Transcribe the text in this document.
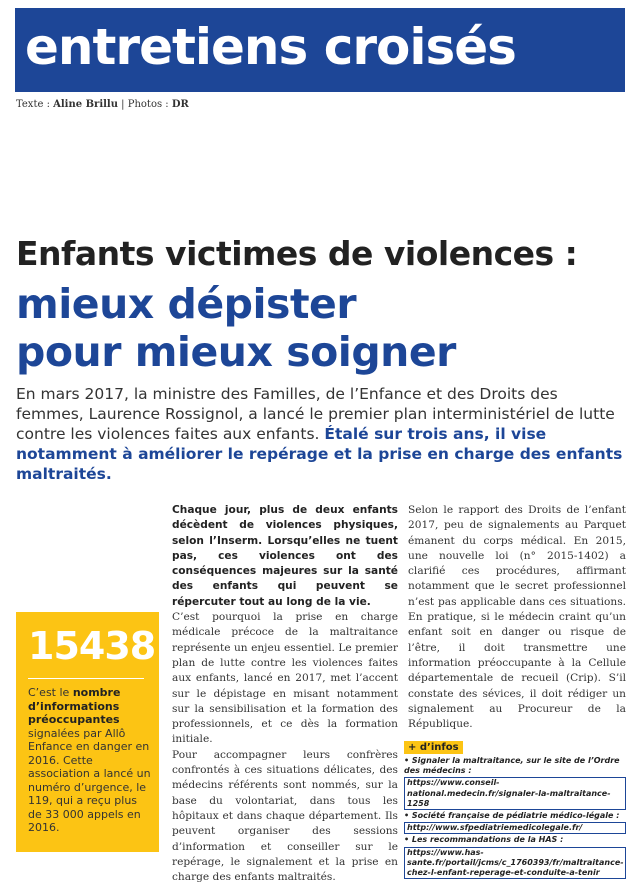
entretiens croisés
Texte : Aline Brillu | Photos : DR
Enfants victimes de violences :
mieux dépister
pour mieux soigner
En mars 2017, la ministre des Familles, de l’Enfance et des Droits des femmes, Laurence Rossignol, a lancé le premier plan interministériel de lutte contre les violences faites aux enfants. Étalé sur trois ans, il vise notamment à améliorer le repérage et la prise en charge des enfants maltraités.
15438
C’est le nombre d’informations préoccupantes signalées par Allô Enfance en danger en 2016. Cette association a lancé un numéro d’urgence, le 119, qui a reçu plus de 33 000 appels en 2016.

Chaque jour, plus de deux enfants décèdent de violences physiques, selon l’Inserm. Lorsqu’elles ne tuent pas, ces violences ont des conséquences majeures sur la santé des enfants qui peuvent se répercuter tout au long de la vie.

C’est pourquoi la prise en charge médicale précoce de la maltraitance représente un enjeu essentiel. Le premier plan de lutte contre les violences faites aux enfants, lancé en 2017, met l’accent sur le dépistage en misant notamment sur la sensibilisation et la formation des professionnels, et ce dès la formation initiale.

Pour accompagner leurs confrères confrontés à ces situations délicates, des médecins référents sont nommés, sur la base du volontariat, dans tous les hôpitaux et dans chaque département. Ils peuvent organiser des sessions d’information et conseiller sur le repérage, le signalement et la prise en charge des enfants maltraités.

Selon le rapport des Droits de l’enfant 2017, peu de signalements au Parquet émanent du corps médical. En 2015, une nouvelle loi (n° 2015-1402) a clarifié ces procédures, affirmant notamment que le secret professionnel n’est pas applicable dans ces situations. En pratique, si le médecin craint qu’un enfant soit en danger ou risque de l’être, il doit transmettre une information préoccupante à la Cellule départementale de recueil (Crip). S’il constate des sévices, il doit rédiger un signalement au Procureur de la République.

+ d’infos

• Signaler la maltraitance, sur le site de l’Ordre des médecins :

https://www.conseil-national.medecin.fr/signaler-la-maltraitance-1258

• Société française de pédiatrie médico-légale :

http://www.sfpediatriemedicolegale.fr/

• Les recommandations de la HAS :

https://www.has-sante.fr/portail/jcms/c_1760393/fr/maltraitance-chez-l-enfant-reperage-et-conduite-a-tenir
